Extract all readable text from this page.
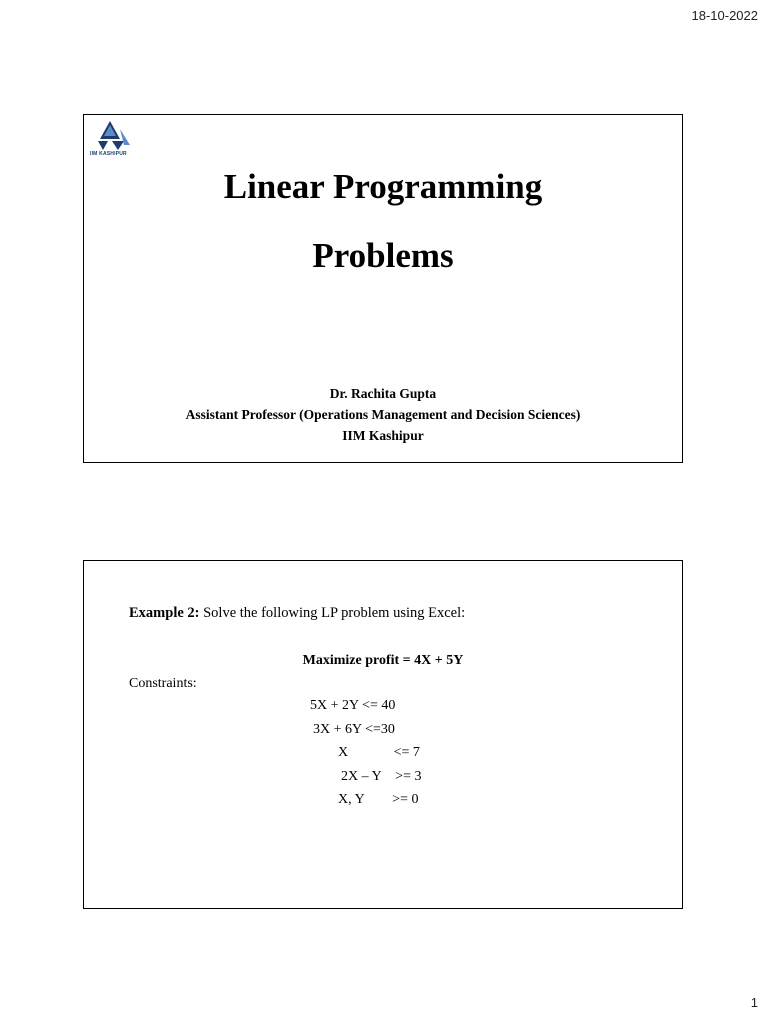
18-10-2022
IIM KASHIPUR
Linear Programming
Problems
Dr. Rachita Gupta
Assistant Professor (Operations Management and Decision Sciences)
IIM Kashipur
Example 2: Solve the following LP problem using Excel:
Maximize profit = 4X + 5Y
Constraints:
5X + 2Y <= 40
3X + 6Y <=30
X             <= 7
2X – Y    >= 3
X, Y        >= 0
1
